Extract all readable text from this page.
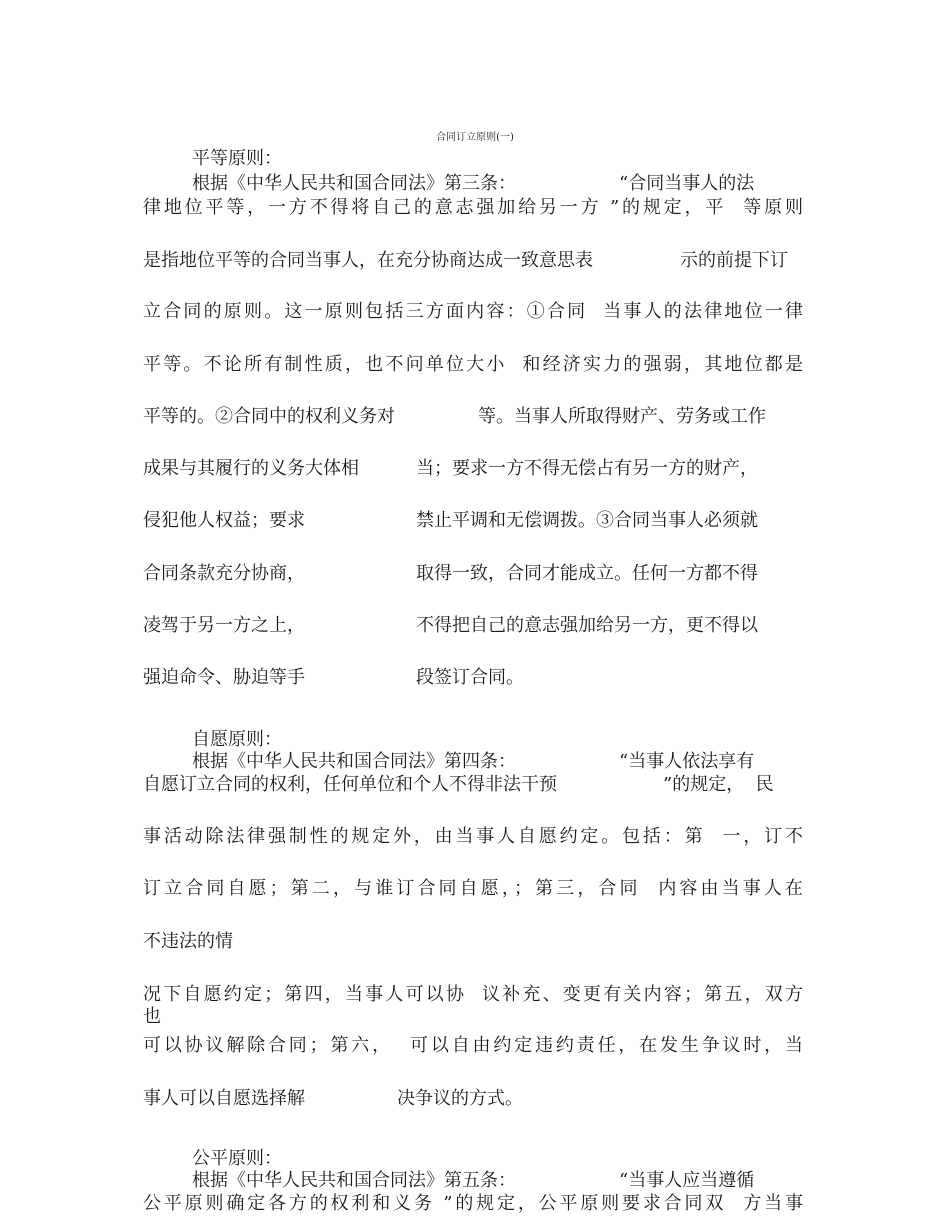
合同订立原则(一)
平等原则：
根据《中华人民共和国合同法》第三条：	“合同当事人的法
律地位平等，一方不得将自己的意志强加给另一方 ”的规定，平  等原则
是指地位平等的合同当事人，在充分协商达成一致意思表	示的前提下订
立合同的原则。这一原则包括三方面内容：①合同  当事人的法律地位一律
平等。不论所有制性质，也不问单位大小  和经济实力的强弱，其地位都是
平等的。②合同中的权利义务对	等。当事人所取得财产、劳务或工作
成果与其履行的义务大体相	当；要求一方不得无偿占有另一方的财产，
侵犯他人权益；要求	禁止平调和无偿调拨。③合同当事人必须就
合同条款充分协商，	取得一致，合同才能成立。任何一方都不得
凌驾于另一方之上，	不得把自己的意志强加给另一方，更不得以
强迫命令、胁迫等手	段签订合同。
自愿原则：
根据《中华人民共和国合同法》第四条：	“当事人依法享有
自愿订立合同的权利，任何单位和个人不得非法干预	”的规定，  民
事活动除法律强制性的规定外，由当事人自愿约定。包括：第  一，订不
订立合同自愿；第二，与谁订合同自愿，；第三，合同  内容由当事人在
不违法的情
况下自愿约定；第四，当事人可以协  议补充、变更有关内容；第五，双方
也
可以协议解除合同；第六，  可以自由约定违约责任，在发生争议时，当
事人可以自愿选择解	决争议的方式。
公平原则：
根据《中华人民共和国合同法》第五条：	“当事人应当遵循
公平原则确定各方的权利和义务 ”的规定，公平原则要求合同双  方当事
